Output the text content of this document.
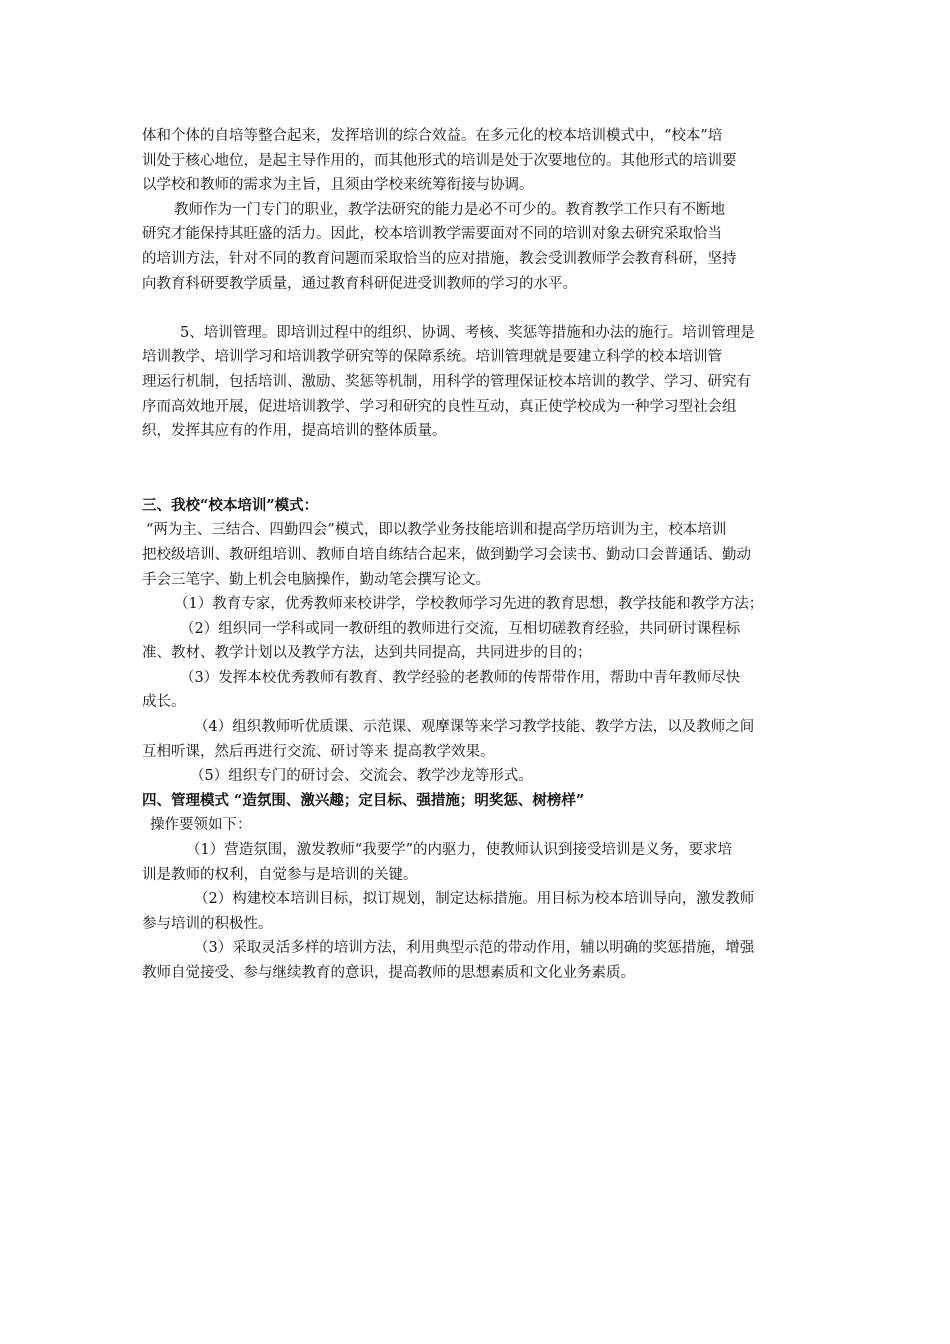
体和个体的自培等整合起来，发挥培训的综合效益。在多元化的校本培训模式中，“校本”培
训处于核心地位，是起主导作用的，而其他形式的培训是处于次要地位的。其他形式的培训要
以学校和教师的需求为主旨，且须由学校来统筹衔接与协调。
教师作为一门专门的职业，教学法研究的能力是必不可少的。教育教学工作只有不断地
研究才能保持其旺盛的活力。因此，校本培训教学需要面对不同的培训对象去研究采取恰当
的培训方法，针对不同的教育问题而采取恰当的应对措施，教会受训教师学会教育科研，坚持
向教育科研要教学质量，通过教育科研促进受训教师的学习的水平。
5、培训管理。即培训过程中的组织、协调、考核、奖惩等措施和办法的施行。培训管理是
培训教学、培训学习和培训教学研究等的保障系统。培训管理就是要建立科学的校本培训管
理运行机制，包括培训、激励、奖惩等机制，用科学的管理保证校本培训的教学、学习、研究有
序而高效地开展，促进培训教学、学习和研究的良性互动，真正使学校成为一种学习型社会组
织，发挥其应有的作用，提高培训的整体质量。
三、我校“校本培训”模式：
“两为主、三结合、四勤四会”模式，即以教学业务技能培训和提高学历培训为主，校本培训
把校级培训、教研组培训、教师自培自练结合起来，做到勤学习会读书、勤动口会普通话、勤动
手会三笔字、勤上机会电脑操作，勤动笔会撰写论文。
（1）教育专家，优秀教师来校讲学，学校教师学习先进的教育思想，教学技能和教学方法；
（2）组织同一学科或同一教研组的教师进行交流，互相切磋教育经验，共同研讨课程标
准、教材、教学计划以及教学方法，达到共同提高，共同进步的目的；
（3）发挥本校优秀教师有教育、教学经验的老教师的传帮带作用，帮助中青年教师尽快
成长。
（4）组织教师听优质课、示范课、观摩课等来学习教学技能、教学方法，以及教师之间
互相听课，然后再进行交流、研讨等来 提高教学效果。
（5）组织专门的研讨会、交流会、教学沙龙等形式。
四、管理模式 “造氛围、激兴趣；定目标、强措施；明奖惩、树榜样”
操作要领如下：
（1）营造氛围，激发教师“我要学”的内驱力，使教师认识到接受培训是义务，要求培
训是教师的权利，自觉参与是培训的关键。
（2）构建校本培训目标，拟订规划，制定达标措施。用目标为校本培训导向，激发教师
参与培训的积极性。
（3）采取灵活多样的培训方法，利用典型示范的带动作用，辅以明确的奖惩措施，增强
教师自觉接受、参与继续教育的意识，提高教师的思想素质和文化业务素质。
